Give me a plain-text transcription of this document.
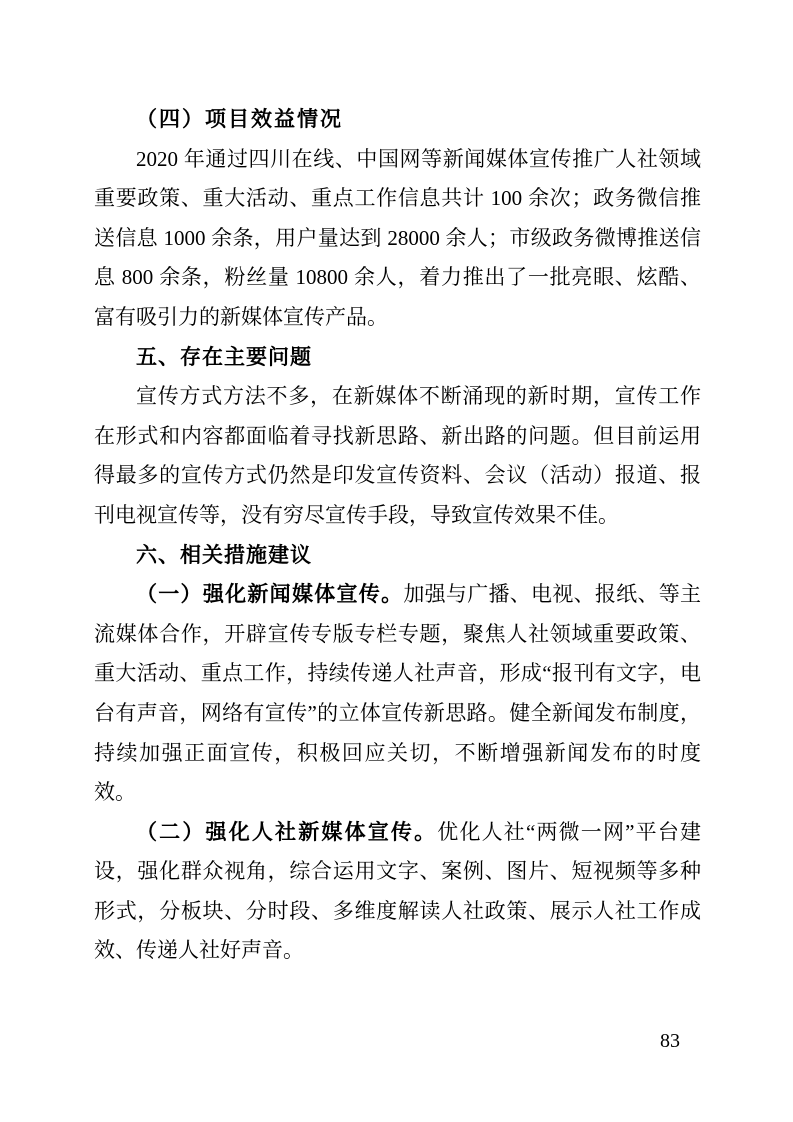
（四）项目效益情况
2020 年通过四川在线、中国网等新闻媒体宣传推广人社领域重要政策、重大活动、重点工作信息共计 100 余次；政务微信推送信息 1000 余条，用户量达到 28000 余人；市级政务微博推送信息 800 余条，粉丝量 10800 余人，着力推出了一批亮眼、炫酷、富有吸引力的新媒体宣传产品。
五、存在主要问题
宣传方式方法不多，在新媒体不断涌现的新时期，宣传工作在形式和内容都面临着寻找新思路、新出路的问题。但目前运用得最多的宣传方式仍然是印发宣传资料、会议（活动）报道、报刊电视宣传等，没有穷尽宣传手段，导致宣传效果不佳。
六、相关措施建议
（一）强化新闻媒体宣传。加强与广播、电视、报纸、等主流媒体合作，开辟宣传专版专栏专题，聚焦人社领域重要政策、重大活动、重点工作，持续传递人社声音，形成“报刊有文字，电台有声音，网络有宣传”的立体宣传新思路。健全新闻发布制度，持续加强正面宣传，积极回应关切，不断增强新闻发布的时度效。
（二）强化人社新媒体宣传。优化人社“两微一网”平台建设，强化群众视角，综合运用文字、案例、图片、短视频等多种形式，分板块、分时段、多维度解读人社政策、展示人社工作成效、传递人社好声音。
83
